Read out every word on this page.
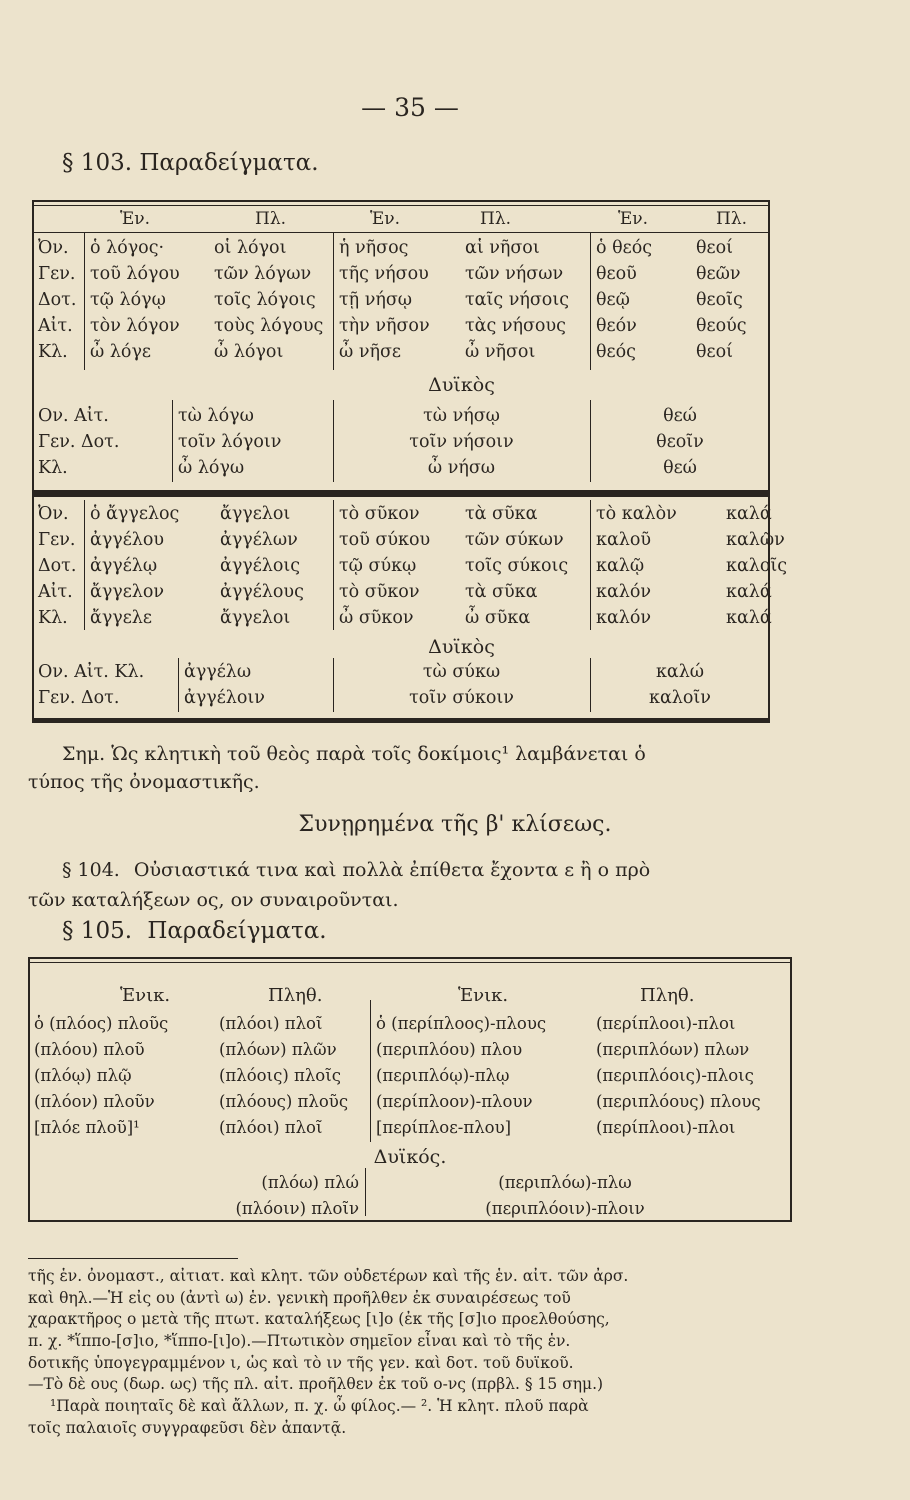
— 35 —
§ 103. Παραδείγματα.
Ἑν.	Πλ.	Ἑν.	Πλ.	Ἑν.	Πλ.
Ὀν.	ὁ λόγος·	οἱ λόγοι	ἡ νῆσος	αἱ νῆσοι	ὁ θεός	θεοί
Γεν.	τοῦ λόγου	τῶν λόγων	τῆς νήσου	τῶν νήσων	θεοῦ	θεῶν
Δοτ.	τῷ λόγῳ	τοῖς λόγοις	τῇ νήσῳ	ταῖς νήσοις	θεῷ	θεοῖς
Αἰτ.	τὸν λόγον	τοὺς λόγους	τὴν νῆσον	τὰς νήσους	θεόν	θεούς
Κλ.	ὦ λόγε	ὦ λόγοι	ὦ νῆσε	ὦ νῆσοι	θεός	θεοί
Δυϊκὸς
Ον. Αἰτ.	τὼ λόγω	τὼ νήσῳ	θεώ
Γεν. Δοτ.	τοῖν λόγοιν	τοῖν νήσοιν	θεοῖν
Κλ.	ὦ λόγω	ὦ νήσω	θεώ
Ὀν.	ὁ ἄγγελος	ἄγγελοι	τὸ σῦκον	τὰ σῦκα	τὸ καλὸν	καλά
Γεν.	ἀγγέλου	ἀγγέλων	τοῦ σύκου	τῶν σύκων	καλοῦ	καλῶν
Δοτ.	ἀγγέλῳ	ἀγγέλοις	τῷ σύκῳ	τοῖς σύκοις	καλῷ	καλοῖς
Αἰτ.	ἄγγελον	ἀγγέλους	τὸ σῦκον	τὰ σῦκα	καλόν	καλά
Κλ.	ἄγγελε	ἄγγελοι	ὦ σῦκον	ὦ σῦκα	καλόν	καλά
Δυϊκὸς
Ον. Αἰτ. Κλ.	ἀγγέλω	τὼ σύκω	καλώ
Γεν. Δοτ.	ἀγγέλοιν	τοῖν σύκοιν	καλοῖν
Σημ. Ὡς κλητικὴ τοῦ θεὸς παρὰ τοῖς δοκίμοις¹ λαμβάνεται ὁ
τύπος τῆς ὀνομαστικῆς.
Συνῃρημένα τῆς β' κλίσεως.
§ 104. Οὐσιαστικά τινα καὶ πολλὰ ἐπίθετα ἔχοντα ε ἢ ο πρὸ
τῶν καταλήξεων ος, ον συναιροῦνται.
§ 105. Παραδείγματα.
Ἑνικ.	Πληθ.	Ἑνικ.	Πληθ.
ὁ (πλόος) πλοῦς	(πλόοι) πλοῖ	ὁ (περίπλοος)-πλους	(περίπλοοι)-πλοι
(πλόου) πλοῦ	(πλόων) πλῶν	(περιπλόου) πλου	(περιπλόων) πλων
(πλόῳ) πλῷ	(πλόοις) πλοῖς	(περιπλόῳ)-πλῳ	(περιπλόοις)-πλοις
(πλόον) πλοῦν	(πλόους) πλοῦς	(περίπλοον)-πλουν	(περιπλόους) πλους
[πλόε πλοῦ]¹	(πλόοι) πλοῖ	[περίπλοε-πλου]	(περίπλοοι)-πλοι
Δυϊκός.
(πλόω) πλώ	(περιπλόω)-πλω
(πλόοιν) πλοῖν	(περιπλόοιν)-πλοιν
τῆς ἑν. ὀνομαστ., αἰτιατ. καὶ κλητ. τῶν οὐδετέρων καὶ τῆς ἑν. αἰτ. τῶν ἀρσ.
καὶ θηλ.—Ἡ εἰς ου (ἀντὶ ω) ἑν. γενικὴ προῆλθεν ἐκ συναιρέσεως τοῦ
χαρακτῆρος ο μετὰ τῆς πτωτ. καταλήξεως [ι]ο (ἐκ τῆς [σ]ιο προελθούσης,
π. χ. *ἵππο-[σ]ιο, *ἵππο-[ι]ο).—Πτωτικὸν σημεῖον εἶναι καὶ τὸ τῆς ἑν.
δοτικῆς ὑπογεγραμμένον ι, ὡς καὶ τὸ ιν τῆς γεν. καὶ δοτ. τοῦ δυϊκοῦ.
—Τὸ δὲ ους (δωρ. ως) τῆς πλ. αἰτ. προῆλθεν ἐκ τοῦ ο-νς (πρβλ. § 15 σημ.)
¹Παρὰ ποιηταῖς δὲ καὶ ἄλλων, π. χ. ὦ φίλος.— ². Ἡ κλητ. πλοῦ παρὰ
τοῖς παλαιοῖς συγγραφεῦσι δὲν ἀπαντᾷ.
